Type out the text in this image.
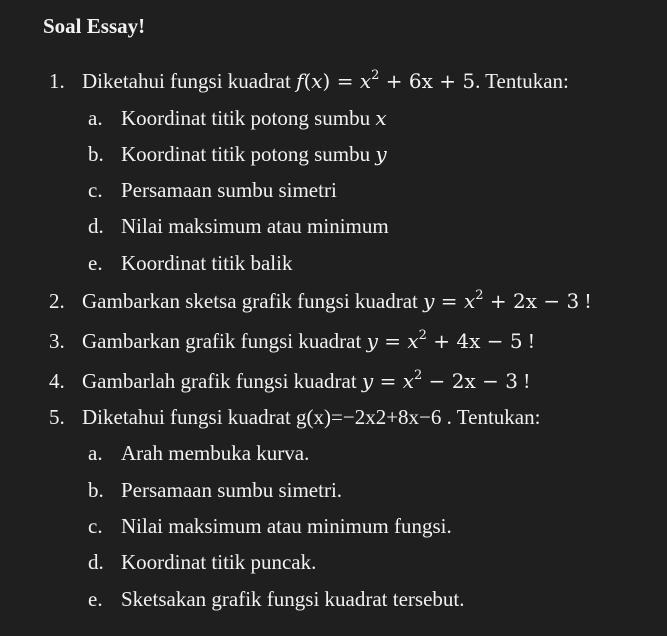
Soal Essay!
1. Diketahui fungsi kuadrat $f(x) = x^2 + 6x + 5$. Tentukan:
a. Koordinat titik potong sumbu x
b. Koordinat titik potong sumbu y
c. Persamaan sumbu simetri
d. Nilai maksimum atau minimum
e. Koordinat titik balik
2. Gambarkan sketsa grafik fungsi kuadrat $y = x^2 + 2x - 3$ !
3. Gambarkan grafik fungsi kuadrat $y = x^2 + 4x - 5$ !
4. Gambarlah grafik fungsi kuadrat $y = x^2 - 2x - 3$ !
5. Diketahui fungsi kuadrat g(x)=−2x2+8x−6 . Tentukan:
a. Arah membuka kurva.
b. Persamaan sumbu simetri.
c. Nilai maksimum atau minimum fungsi.
d. Koordinat titik puncak.
e. Sketsakan grafik fungsi kuadrat tersebut.
